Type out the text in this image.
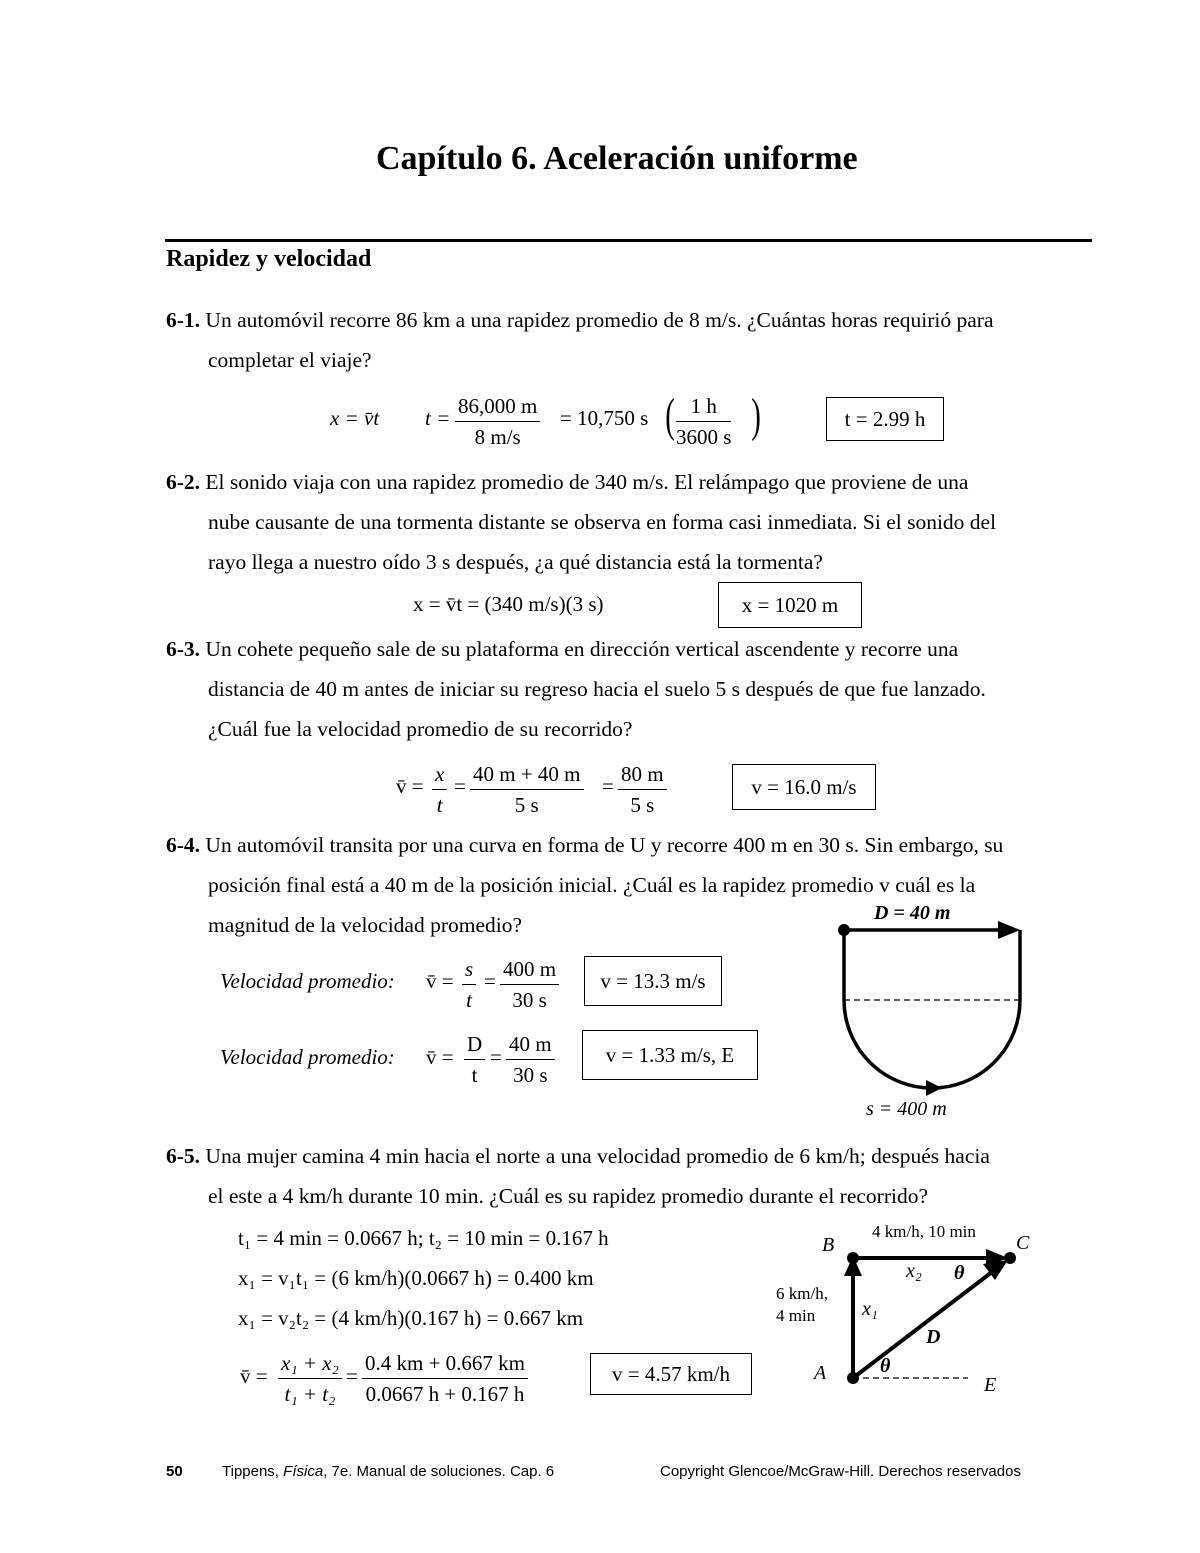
Capítulo 6. Aceleración uniforme
Rapidez y velocidad
6-1. Un automóvil recorre 86 km a una rapidez promedio de 8 m/s. ¿Cuántas horas requirió para
completar el viaje?
x = v̄t $t = \frac{86,000 m}{8 m/s} = 10,750$ s ( $\frac{1 h}{3600 s}$ )	t = 2.99 h
6-2. El sonido viaja con una rapidez promedio de 340 m/s. El relámpago que proviene de una
nube causante de una tormenta distante se observa en forma casi inmediata. Si el sonido del
rayo llega a nuestro oído 3 s después, ¿a qué distancia está la tormenta?
x = v̄t = (340 m/s)(3 s)	x = 1020 m
6-3. Un cohete pequeño sale de su plataforma en dirección vertical ascendente y recorre una
distancia de 40 m antes de iniciar su regreso hacia el suelo 5 s después de que fue lanzado.
¿Cuál fue la velocidad promedio de su recorrido?
v̄ = $\frac{x}{t} = \frac{40 m + 40 m}{5 s} = \frac{80 m}{5 s}$	v = 16.0 m/s
6-4. Un automóvil transita por una curva en forma de U y recorre 400 m en 30 s. Sin embargo, su
posición final está a 40 m de la posición inicial. ¿Cuál es la rapidez promedio v cuál es la
magnitud de la velocidad promedio?
Velocidad promedio: v̄ = $\frac{s}{t} = \frac{400 m}{30 s}$	v = 13.3 m/s
Velocidad promedio: v̄ = $\frac{D}{t} = \frac{40 m}{30 s}$	v = 1.33 m/s, E
D = 40 m
s = 400 m
6-5. Una mujer camina 4 min hacia el norte a una velocidad promedio de 6 km/h; después hacia
el este a 4 km/h durante 10 min. ¿Cuál es su rapidez promedio durante el recorrido?
t₁ = 4 min = 0.0667 h; t₂ = 10 min = 0.167 h
x₁ = v₁t₁ = (6 km/h)(0.0667 h) = 0.400 km
x₁ = v₂t₂ = (4 km/h)(0.167 h) = 0.667 km
v̄ = $\frac{\text{x₁ + x₂}}{\text{t₁ + t₂}} = \frac{0.4 km + 0.667 km}{0.0667 h + 0.167 h}$	v = 4.57 km/h
4 km/h, 10 min
B	C
A
E
x₂ θ
x₁
D
θ
6 km/h,
4 min
50	Tippens, Física, 7e. Manual de soluciones. Cap. 6	Copyright Glencoe/McGraw-Hill. Derechos reservados
